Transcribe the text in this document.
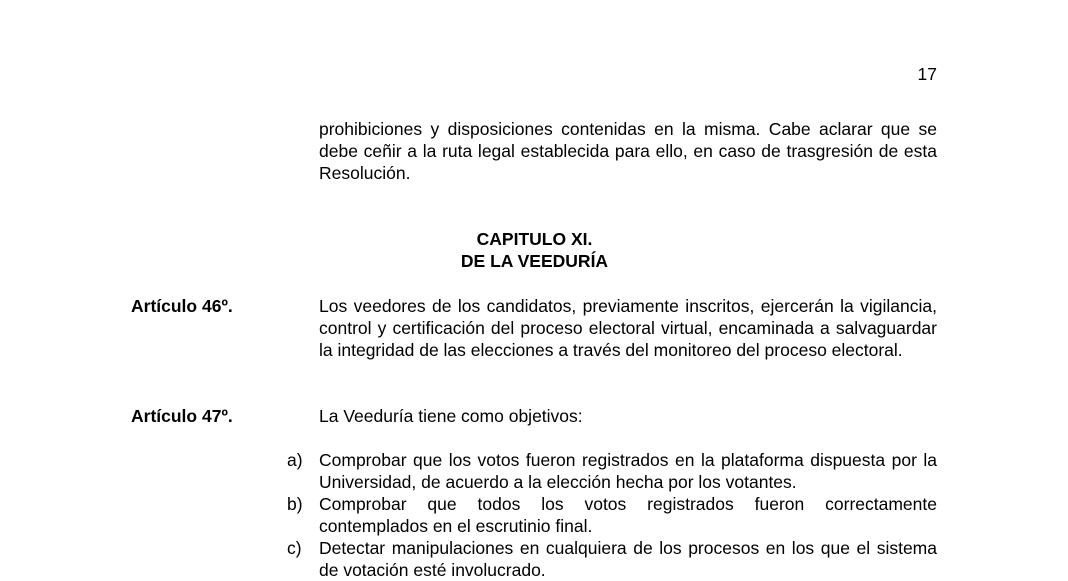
17
prohibiciones y disposiciones contenidas en la misma. Cabe aclarar que se debe ceñir a la ruta legal establecida para ello, en caso de trasgresión de esta Resolución.
CAPITULO XI.
DE LA VEEDURÍA
Artículo 46º.	Los veedores de los candidatos, previamente inscritos, ejercerán la vigilancia, control y certificación del proceso electoral virtual, encaminada a salvaguardar la integridad de las elecciones a través del monitoreo del proceso electoral.
Artículo 47º.	La Veeduría tiene como objetivos:
a) Comprobar que los votos fueron registrados en la plataforma dispuesta por la Universidad, de acuerdo a la elección hecha por los votantes.
b) Comprobar que todos los votos registrados fueron correctamente contemplados en el escrutinio final.
c) Detectar manipulaciones en cualquiera de los procesos en los que el sistema de votación esté involucrado.
